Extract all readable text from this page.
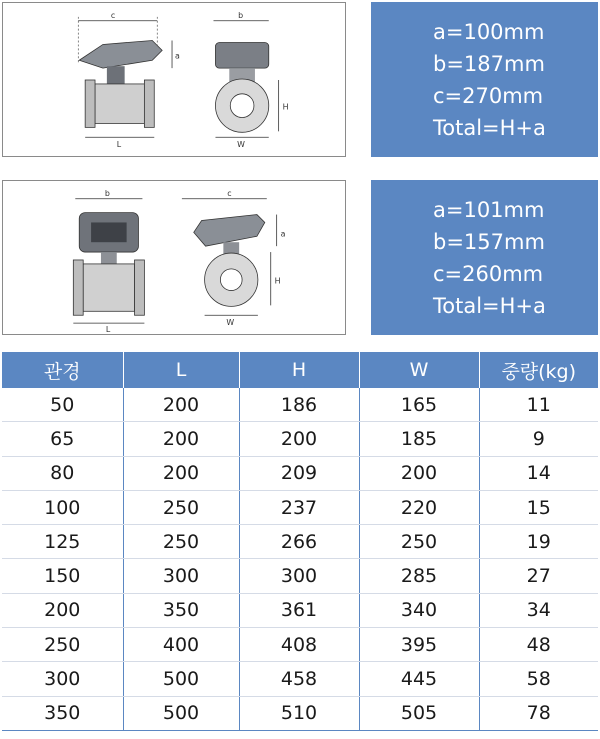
c
L
a
b
W
H
a=100mm
b=187mm
c=270mm
Total=H+a
b
L
c
W
a
H
a=101mm
b=157mm
c=260mm
Total=H+a
관경	L	H	W	중량(kg)
50	200	186	165	11
65	200	200	185	9
80	200	209	200	14
100	250	237	220	15
125	250	266	250	19
150	300	300	285	27
200	350	361	340	34
250	400	408	395	48
300	500	458	445	58
350	500	510	505	78
